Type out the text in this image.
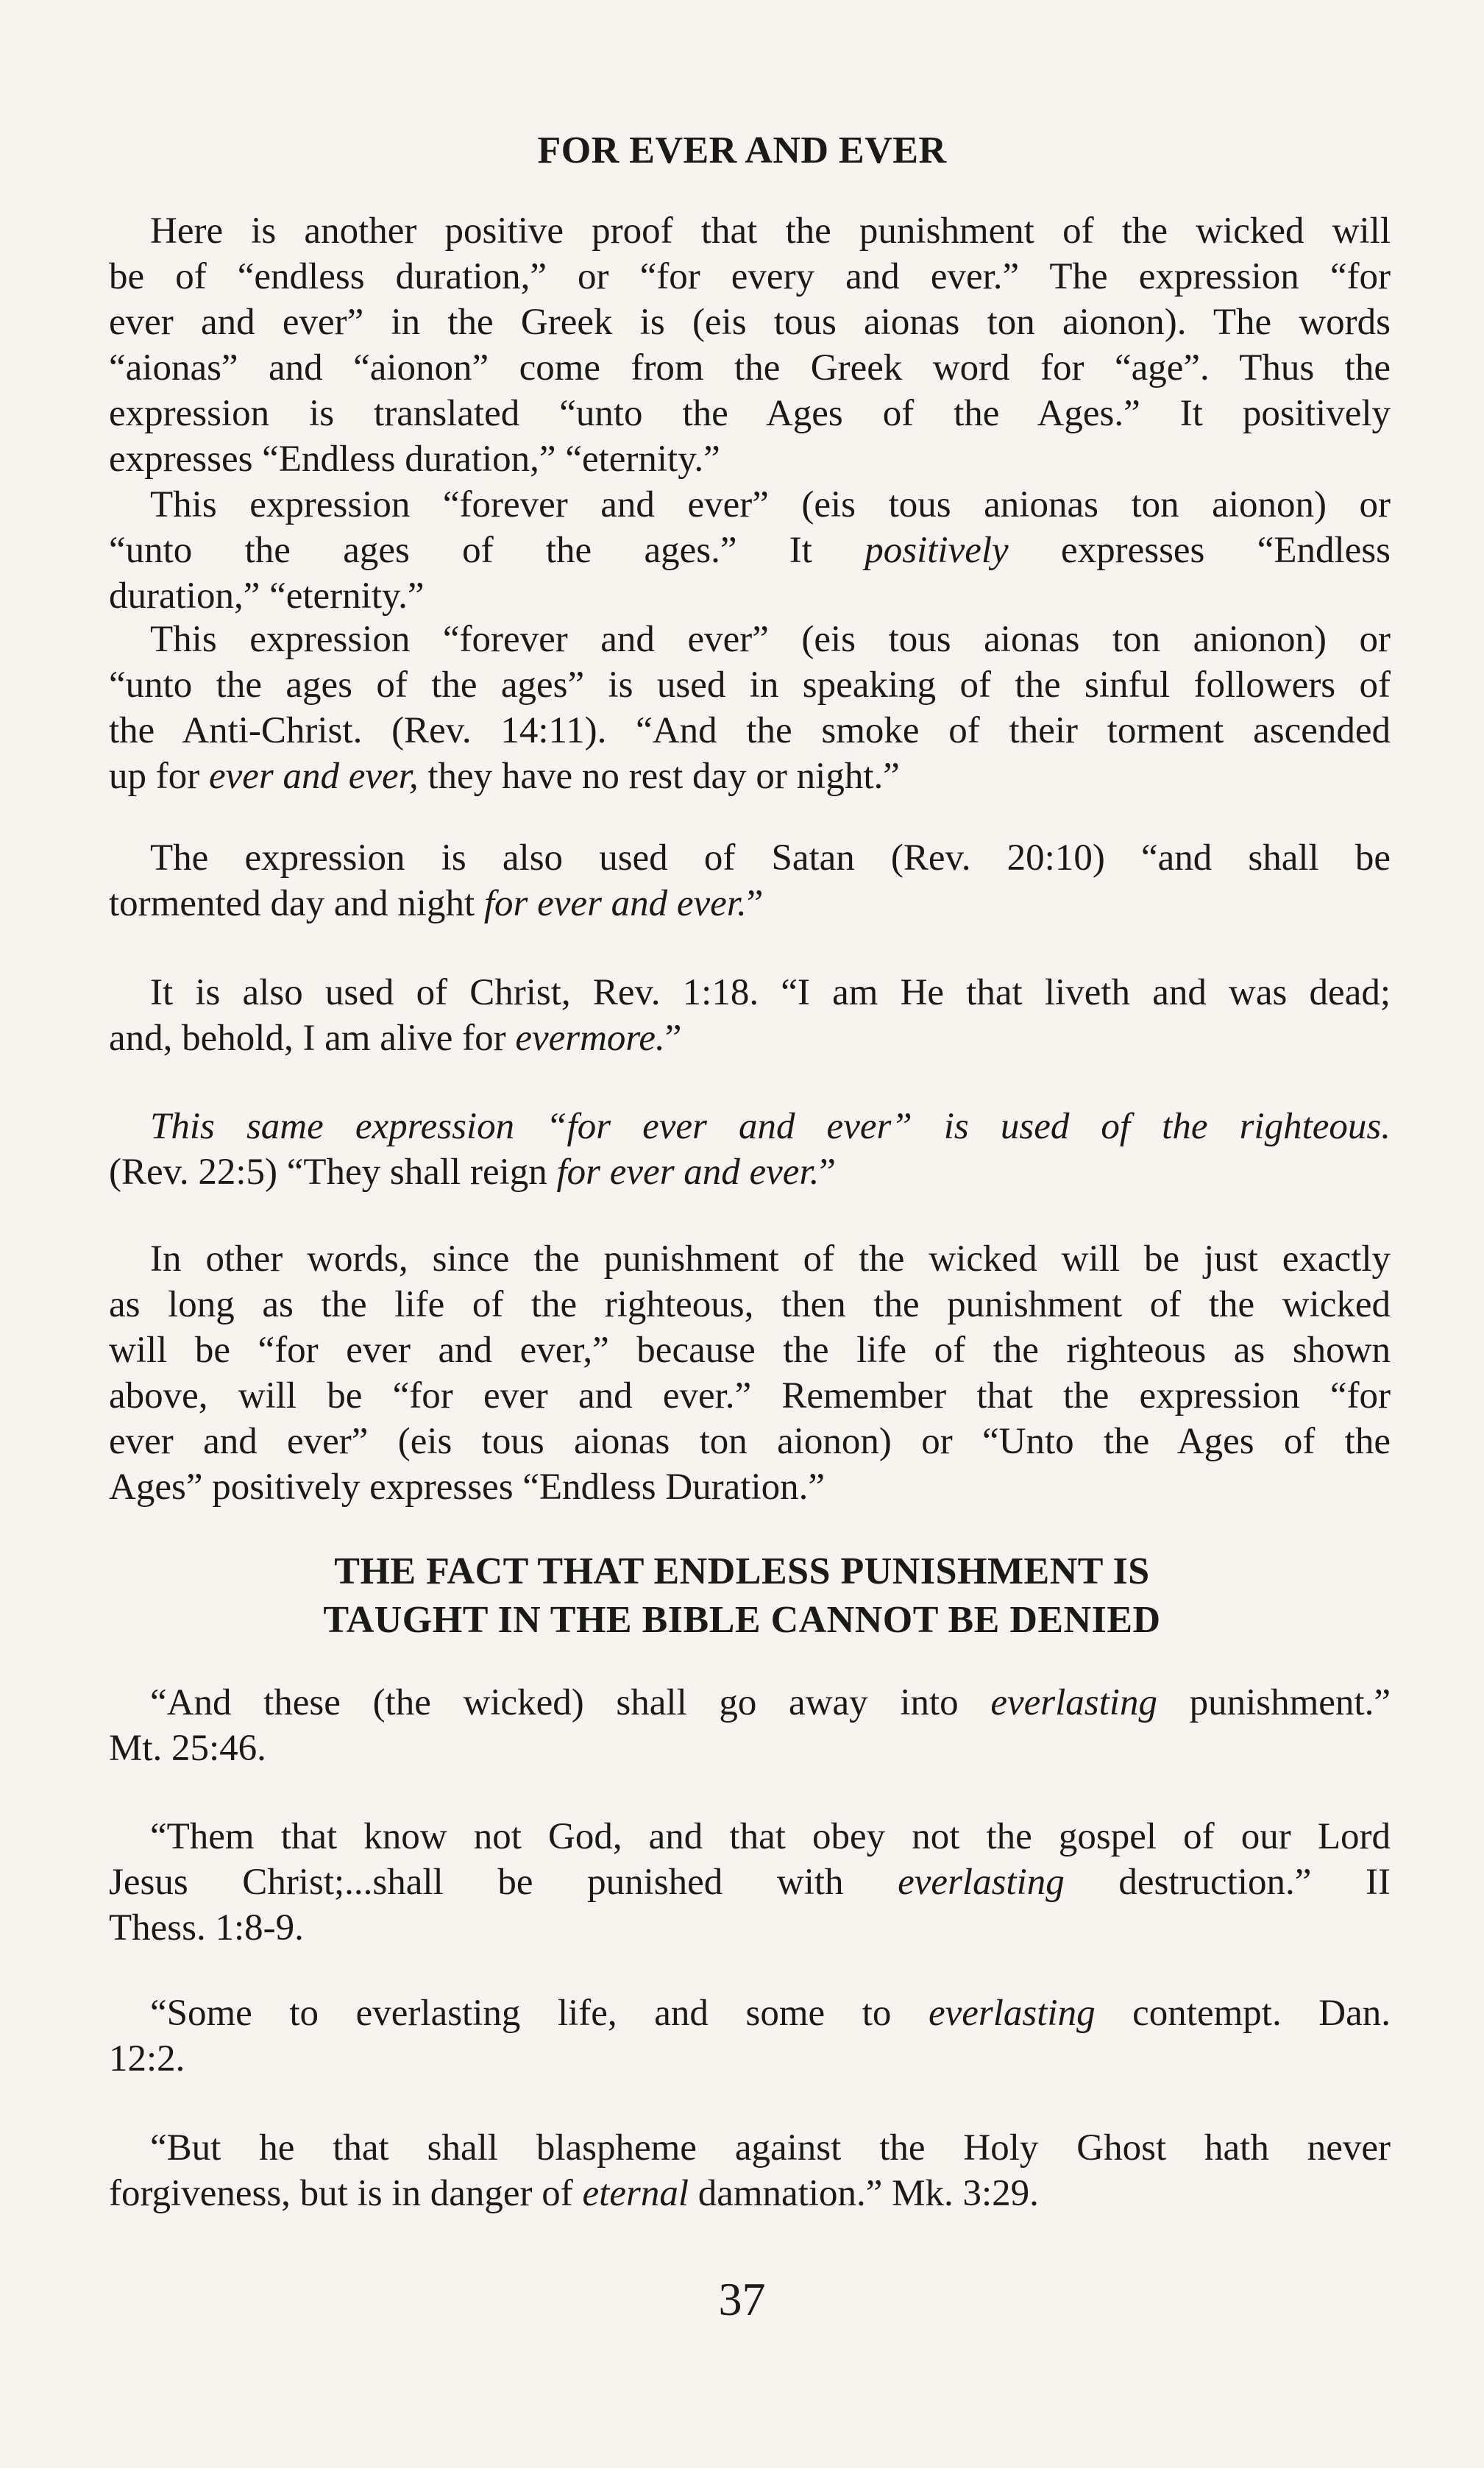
FOR EVER AND EVER
Here is another positive proof that the punishment of the wicked will
be of “endless duration,” or “for every and ever.” The expression “for
ever and ever” in the Greek is (eis tous aionas ton aionon). The words
“aionas” and “aionon” come from the Greek word for “age”. Thus the
expression is translated “unto the Ages of the Ages.” It positively
expresses “Endless duration,” “eternity.”
This expression “forever and ever” (eis tous anionas ton aionon) or
“unto the ages of the ages.” It positively expresses “Endless
duration,” “eternity.”
This expression “forever and ever” (eis tous aionas ton anionon) or
“unto the ages of the ages” is used in speaking of the sinful followers of
the Anti-Christ. (Rev. 14:11). “And the smoke of their torment ascended
up for ever and ever, they have no rest day or night.”
The expression is also used of Satan (Rev. 20:10) “and shall be
tormented day and night for ever and ever.”
It is also used of Christ, Rev. 1:18. “I am He that liveth and was dead;
and, behold, I am alive for evermore.”
This same expression “for ever and ever” is used of the righteous.
(Rev. 22:5) “They shall reign for ever and ever.”
In other words, since the punishment of the wicked will be just exactly
as long as the life of the righteous, then the punishment of the wicked
will be “for ever and ever,” because the life of the righteous as shown
above, will be “for ever and ever.” Remember that the expression “for
ever and ever” (eis tous aionas ton aionon) or “Unto the Ages of the
Ages” positively expresses “Endless Duration.”
THE FACT THAT ENDLESS PUNISHMENT IS
TAUGHT IN THE BIBLE CANNOT BE DENIED
“And these (the wicked) shall go away into everlasting punishment.”
Mt. 25:46.
“Them that know not God, and that obey not the gospel of our Lord
Jesus Christ;...shall be punished with everlasting destruction.” II
Thess. 1:8-9.
“Some to everlasting life, and some to everlasting contempt. Dan.
12:2.
“But he that shall blaspheme against the Holy Ghost hath never
forgiveness, but is in danger of eternal damnation.” Mk. 3:29.
37
